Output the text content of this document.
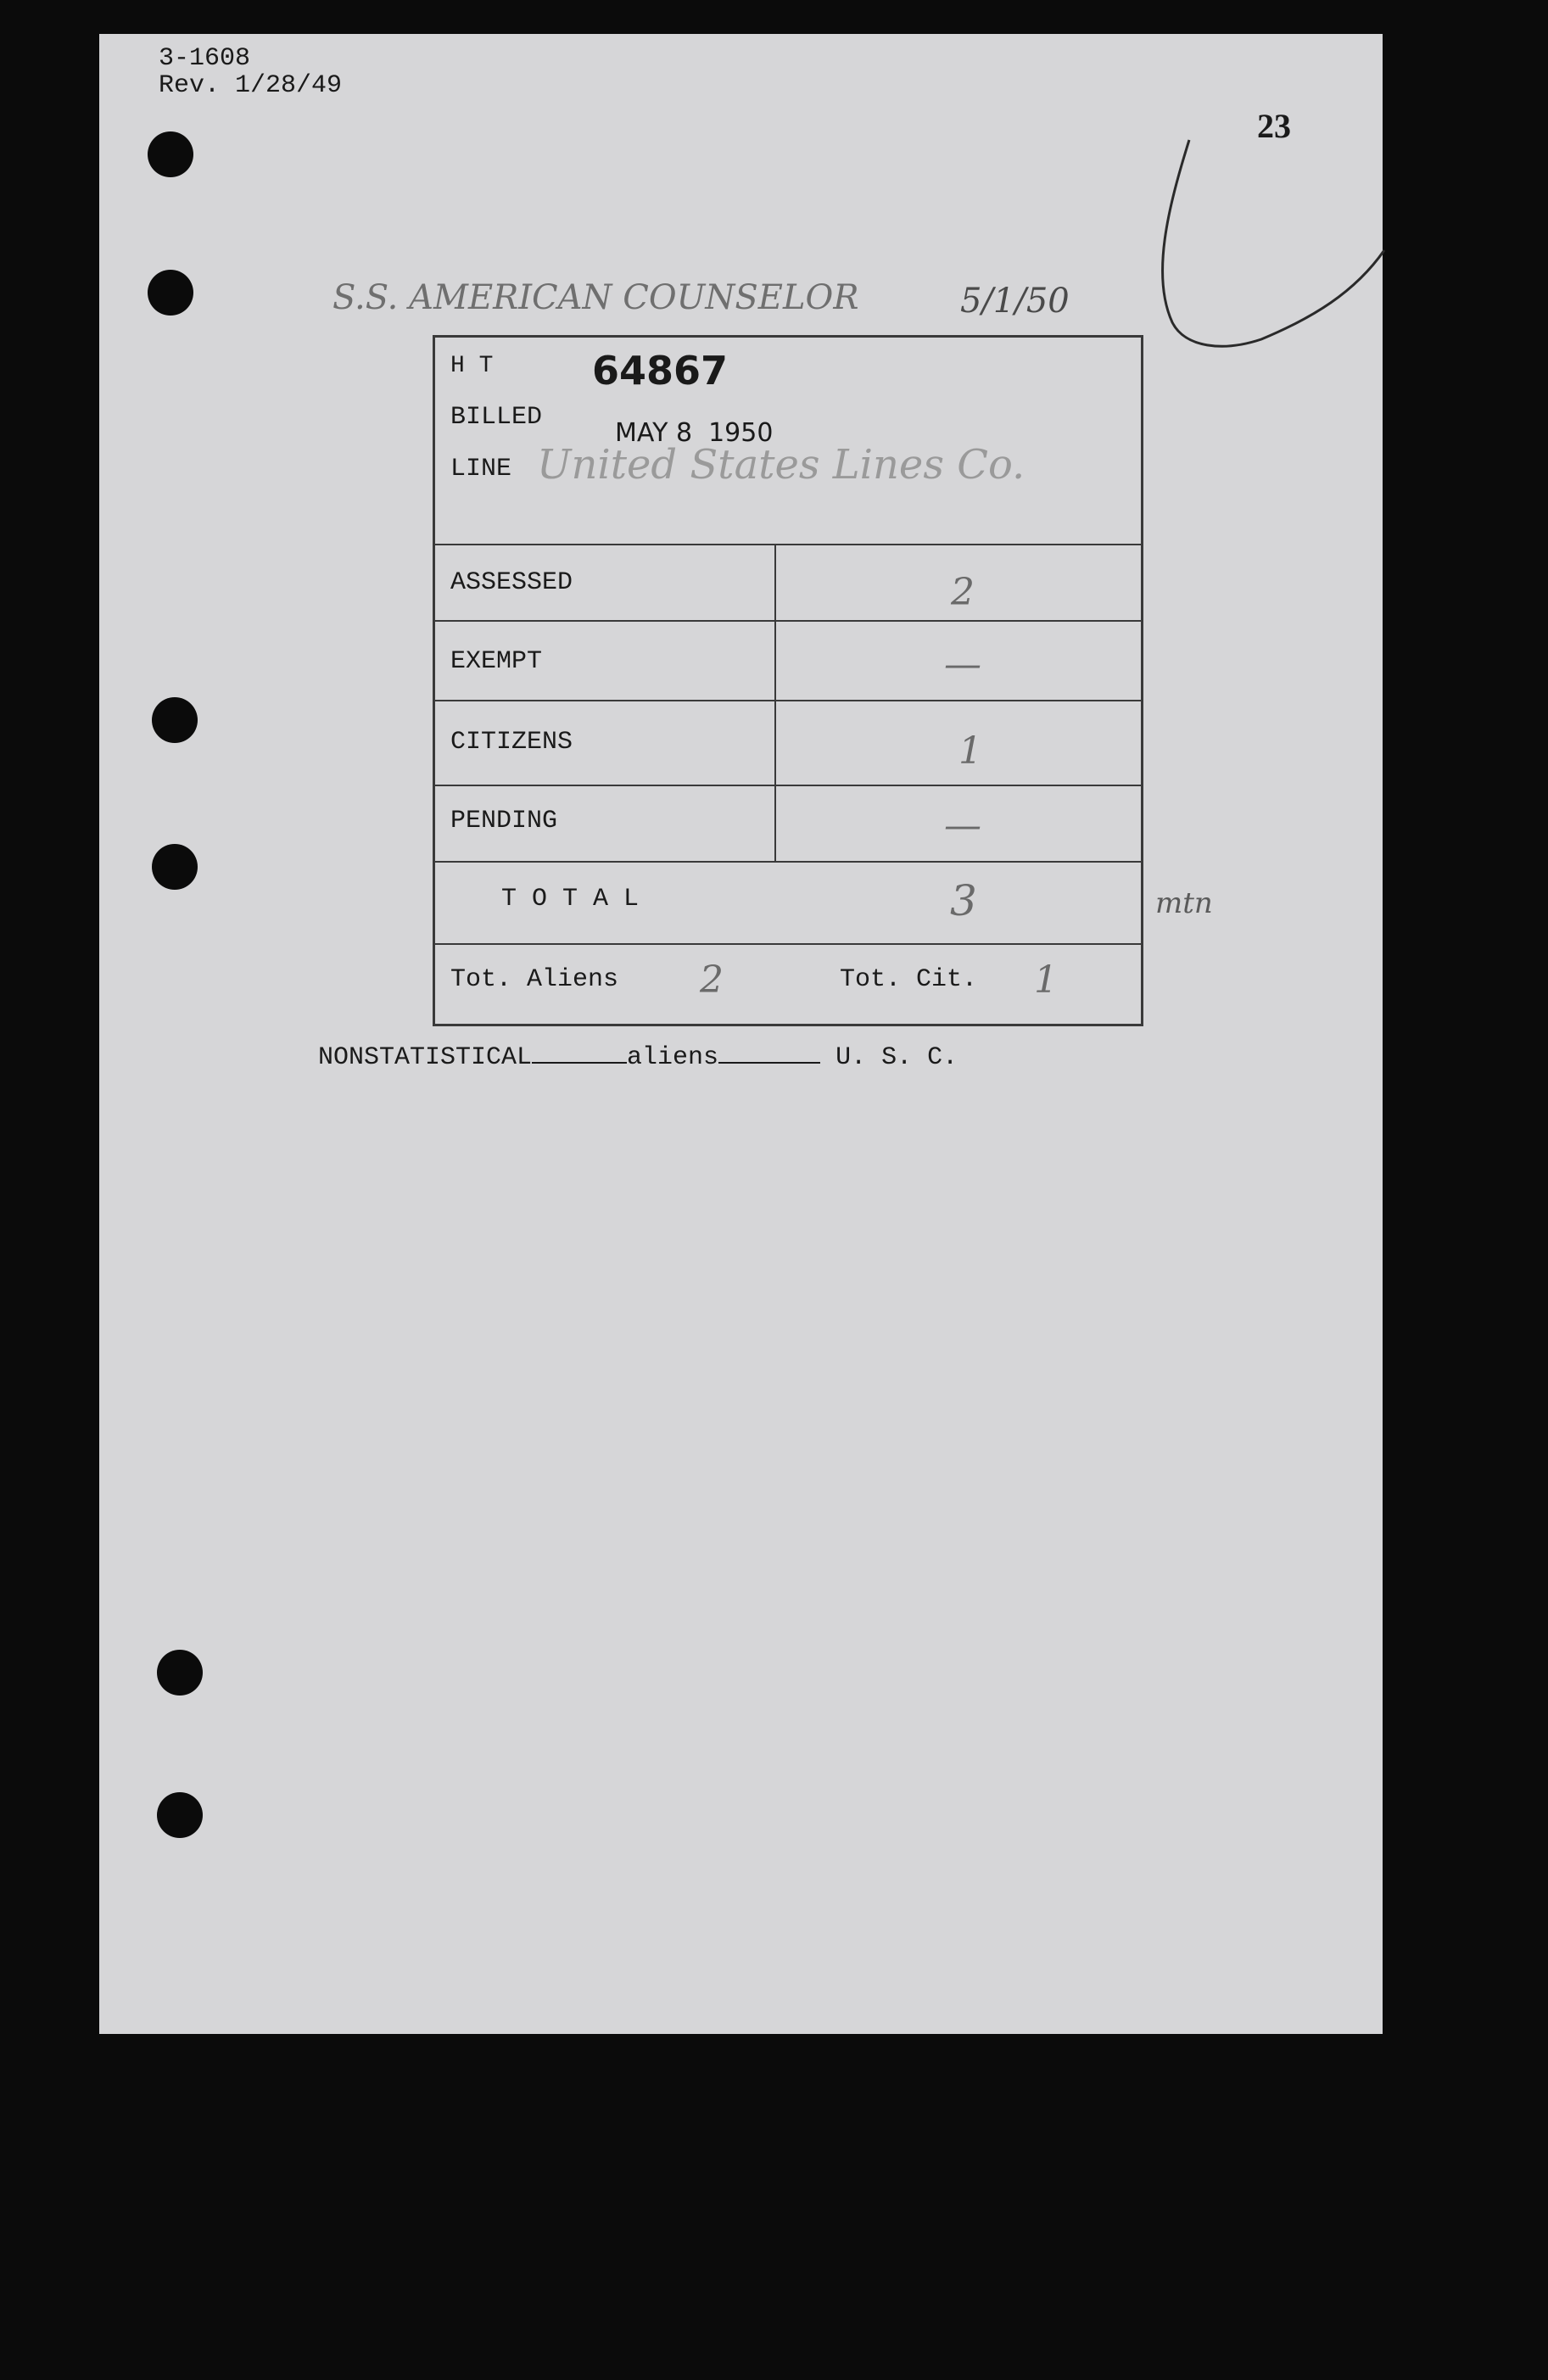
3-1608
Rev. 1/28/49
23
S.S. AMERICAN COUNSELOR	5/1/50
H T	64867
BILLED
MAY 8  1950
LINE United States Lines Co.
ASSESSED	2
EXEMPT	—
CITIZENS	1
PENDING	—
T O T A L	3
Tot. Aliens 2	Tot. Cit. 1
mtn
NONSTATISTICAL	aliens	U. S. C.
